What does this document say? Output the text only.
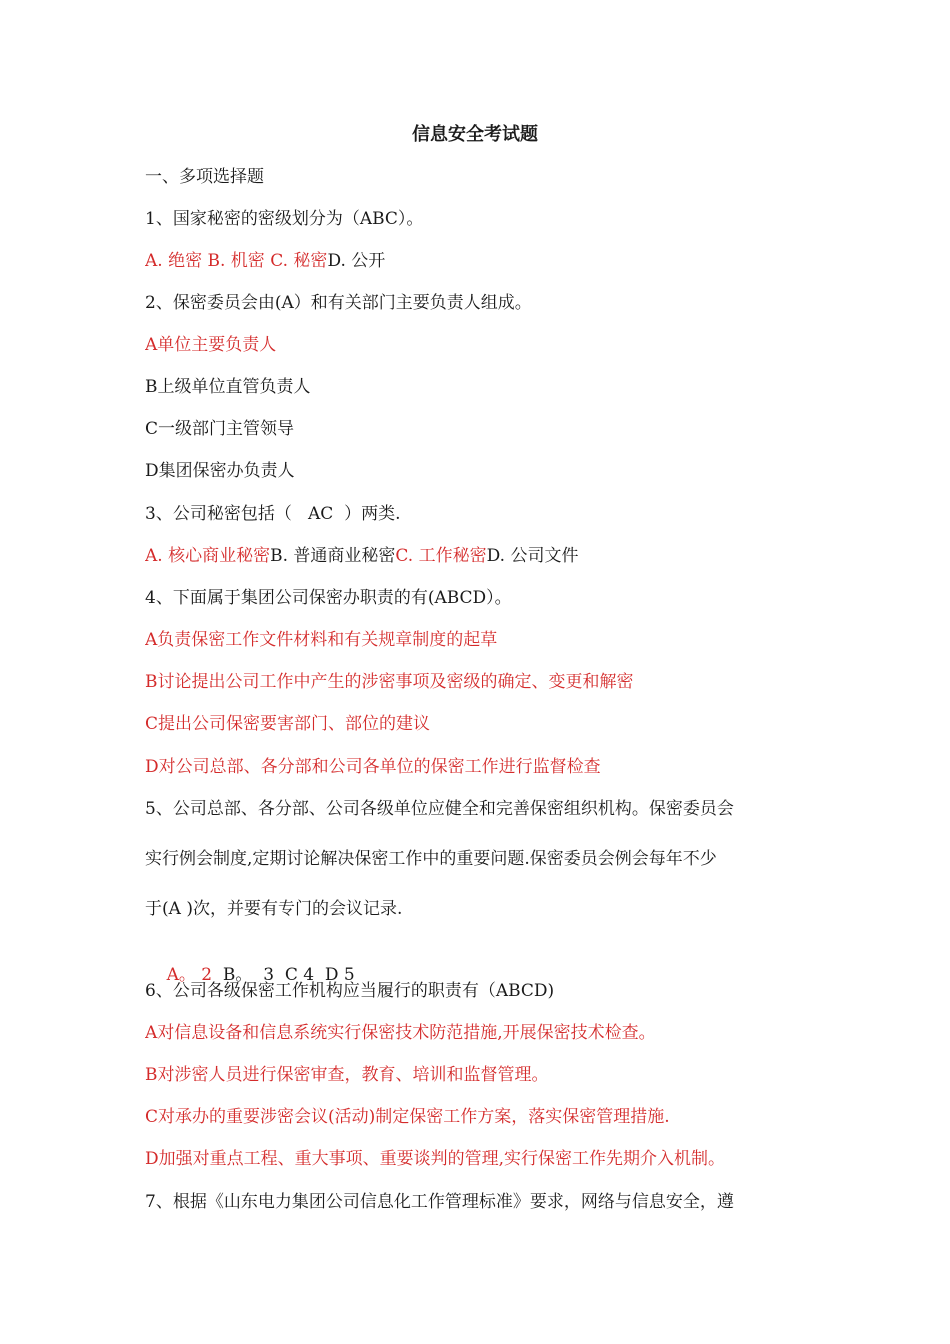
信息安全考试题
一、多项选择题
1、国家秘密的密级划分为（ABC）。
A. 绝密 B. 机密 C. 秘密D. 公开
2、保密委员会由(A）和有关部门主要负责人组成。
A单位主要负责人
B上级单位直管负责人
C一级部门主管领导
D集团保密办负责人
3、公司秘密包括（   AC  ）两类.
A. 核心商业秘密B. 普通商业秘密C. 工作秘密D. 公司文件
4、下面属于集团公司保密办职责的有(ABCD）。
A负责保密工作文件材料和有关规章制度的起草
B讨论提出公司工作中产生的涉密事项及密级的确定、变更和解密
C提出公司保密要害部门、部位的建议
D对公司总部、各分部和公司各单位的保密工作进行监督检查
5、公司总部、各分部、公司各级单位应健全和完善保密组织机构。保密委员会
实行例会制度,定期讨论解决保密工作中的重要问题.保密委员会例会每年不少
于(A )次，并要有专门的会议记录.

A。 2  B。  3  C 4  D 5

6、公司各级保密工作机构应当履行的职责有（ABCD)
A对信息设备和信息系统实行保密技术防范措施,开展保密技术检查。
B对涉密人员进行保密审查，教育、培训和监督管理。
C对承办的重要涉密会议(活动)制定保密工作方案，落实保密管理措施.
D加强对重点工程、重大事项、重要谈判的管理,实行保密工作先期介入机制。
7、根据《山东电力集团公司信息化工作管理标准》要求，网络与信息安全，遵
